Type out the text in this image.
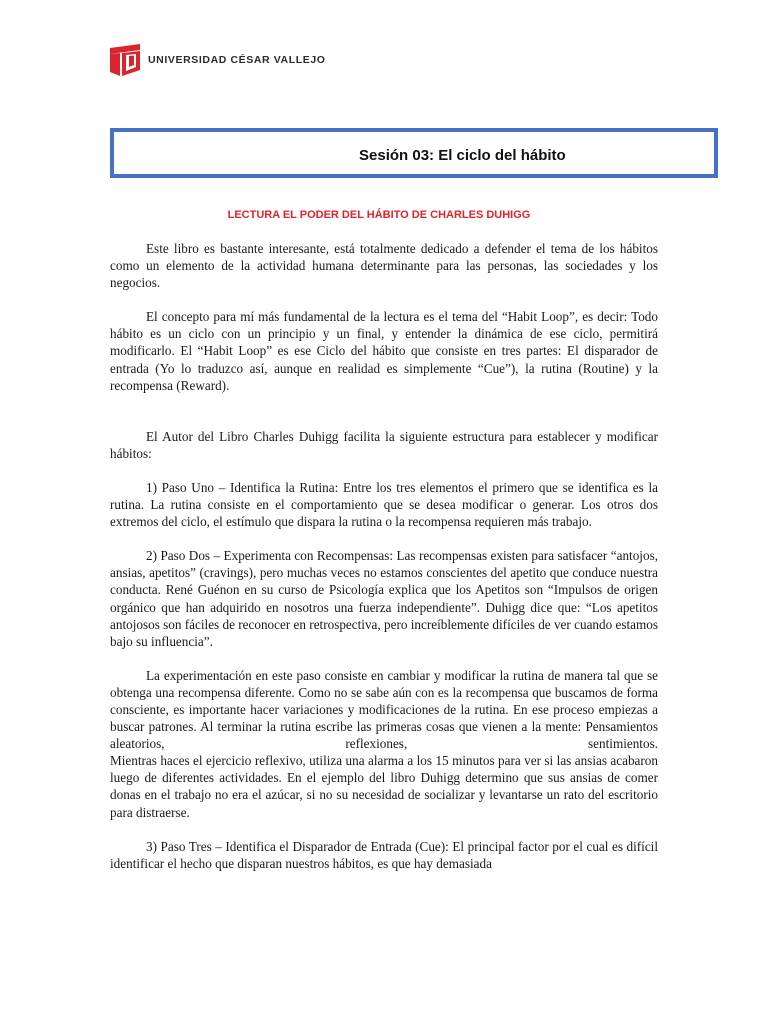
UNIVERSIDAD CÉSAR VALLEJO
Sesión 03: El ciclo del hábito
LECTURA EL PODER DEL HÁBITO DE CHARLES DUHIGG

Este libro es bastante interesante, está totalmente dedicado a defender el tema de los hábitos como un elemento de la actividad humana determinante para las personas, las sociedades y los negocios.

El concepto para mí más fundamental de la lectura es el tema del “Habit Loop”, es decir: Todo hábito es un ciclo con un principio y un final, y entender la dinámica de ese ciclo, permitirá modificarlo. El “Habit Loop” es ese Ciclo del hábito que consiste en tres partes: El disparador de entrada (Yo lo traduzco así, aunque en realidad es simplemente “Cue”), la rutina (Routine) y la recompensa (Reward).

El Autor del Libro Charles Duhigg facilita la siguiente estructura para establecer y modificar hábitos:

1) Paso Uno – Identifica la Rutina: Entre los tres elementos el primero que se identifica es la rutina. La rutina consiste en el comportamiento que se desea modificar o generar. Los otros dos extremos del ciclo, el estímulo que dispara la rutina o la recompensa requieren más trabajo.

2) Paso Dos – Experimenta con Recompensas: Las recompensas existen para satisfacer “antojos, ansias, apetitos” (cravings), pero muchas veces no estamos conscientes del apetito que conduce nuestra conducta. René Guénon en su curso de Psicología explica que los Apetitos son “Impulsos de origen orgánico que han adquirido en nosotros una fuerza independiente”. Duhigg dice que: “Los apetitos antojosos son fáciles de reconocer en retrospectiva, pero increíblemente difíciles de ver cuando estamos bajo su influencia”.

La experimentación en este paso consiste en cambiar y modificar la rutina de manera tal que se obtenga una recompensa diferente. Como no se sabe aún con es la recompensa que buscamos de forma consciente, es importante hacer variaciones y modificaciones de la rutina. En ese proceso empiezas a buscar patrones. Al terminar la rutina escribe las primeras cosas que vienen a la mente: Pensamientos aleatorios, reflexiones, sentimientos.

Mientras haces el ejercicio reflexivo, utiliza una alarma a los 15 minutos para ver si las ansias acabaron luego de diferentes actividades. En el ejemplo del libro Duhigg determino que sus ansias de comer donas en el trabajo no era el azúcar, si no su necesidad de socializar y levantarse un rato del escritorio para distraerse.

3) Paso Tres – Identifica el Disparador de Entrada (Cue): El principal factor por el cual es difícil identificar el hecho que disparan nuestros hábitos, es que hay demasiada
